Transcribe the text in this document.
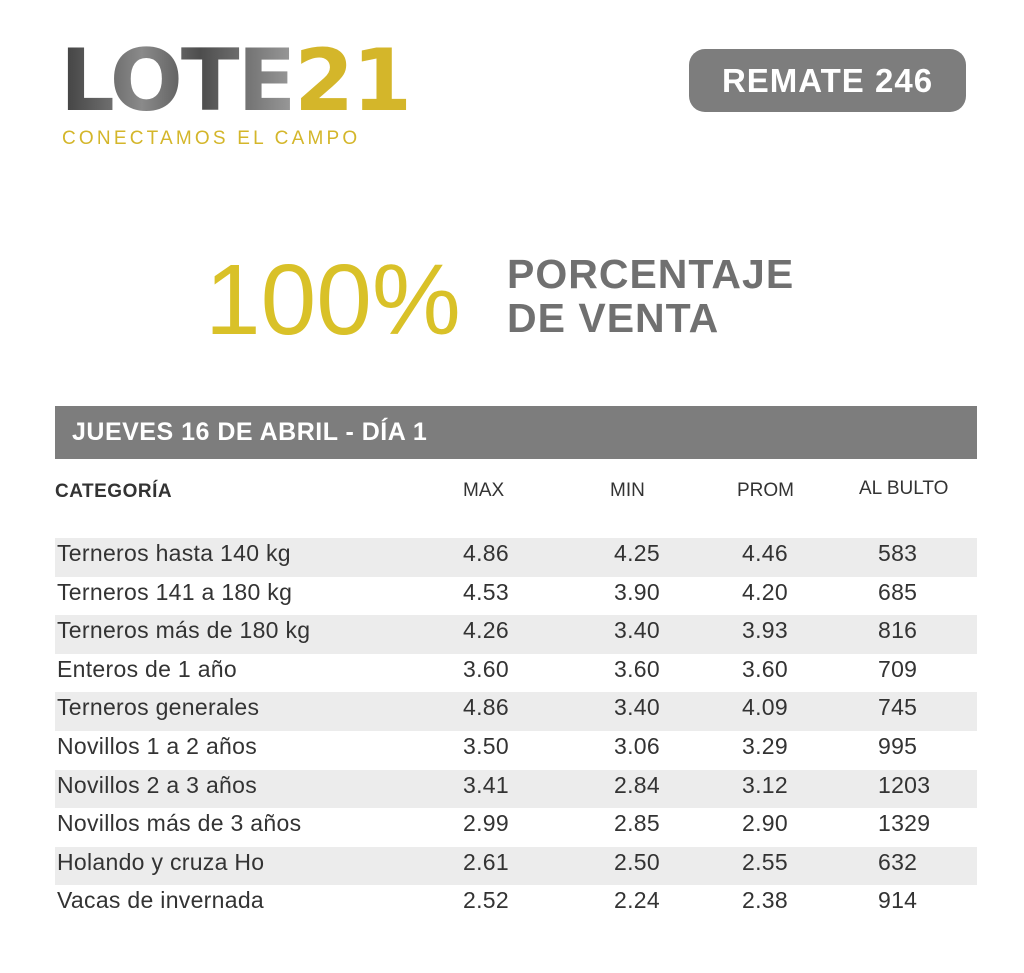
LOTE21
CONECTAMOS EL CAMPO
REMATE 246
100% PORCENTAJE
DE VENTA
JUEVES 16 DE ABRIL - DÍA 1
CATEGORÍA	MAX	MIN	PROM	AL BULTO
Terneros hasta 140 kg	4.86	4.25	4.46	583
Terneros 141 a 180 kg	4.53	3.90	4.20	685
Terneros más de 180 kg	4.26	3.40	3.93	816
Enteros de 1 año	3.60	3.60	3.60	709
Terneros generales	4.86	3.40	4.09	745
Novillos 1 a 2 años	3.50	3.06	3.29	995
Novillos 2 a 3 años	3.41	2.84	3.12	1203
Novillos más de 3 años	2.99	2.85	2.90	1329
Holando y cruza Ho	2.61	2.50	2.55	632
Vacas de invernada	2.52	2.24	2.38	914
